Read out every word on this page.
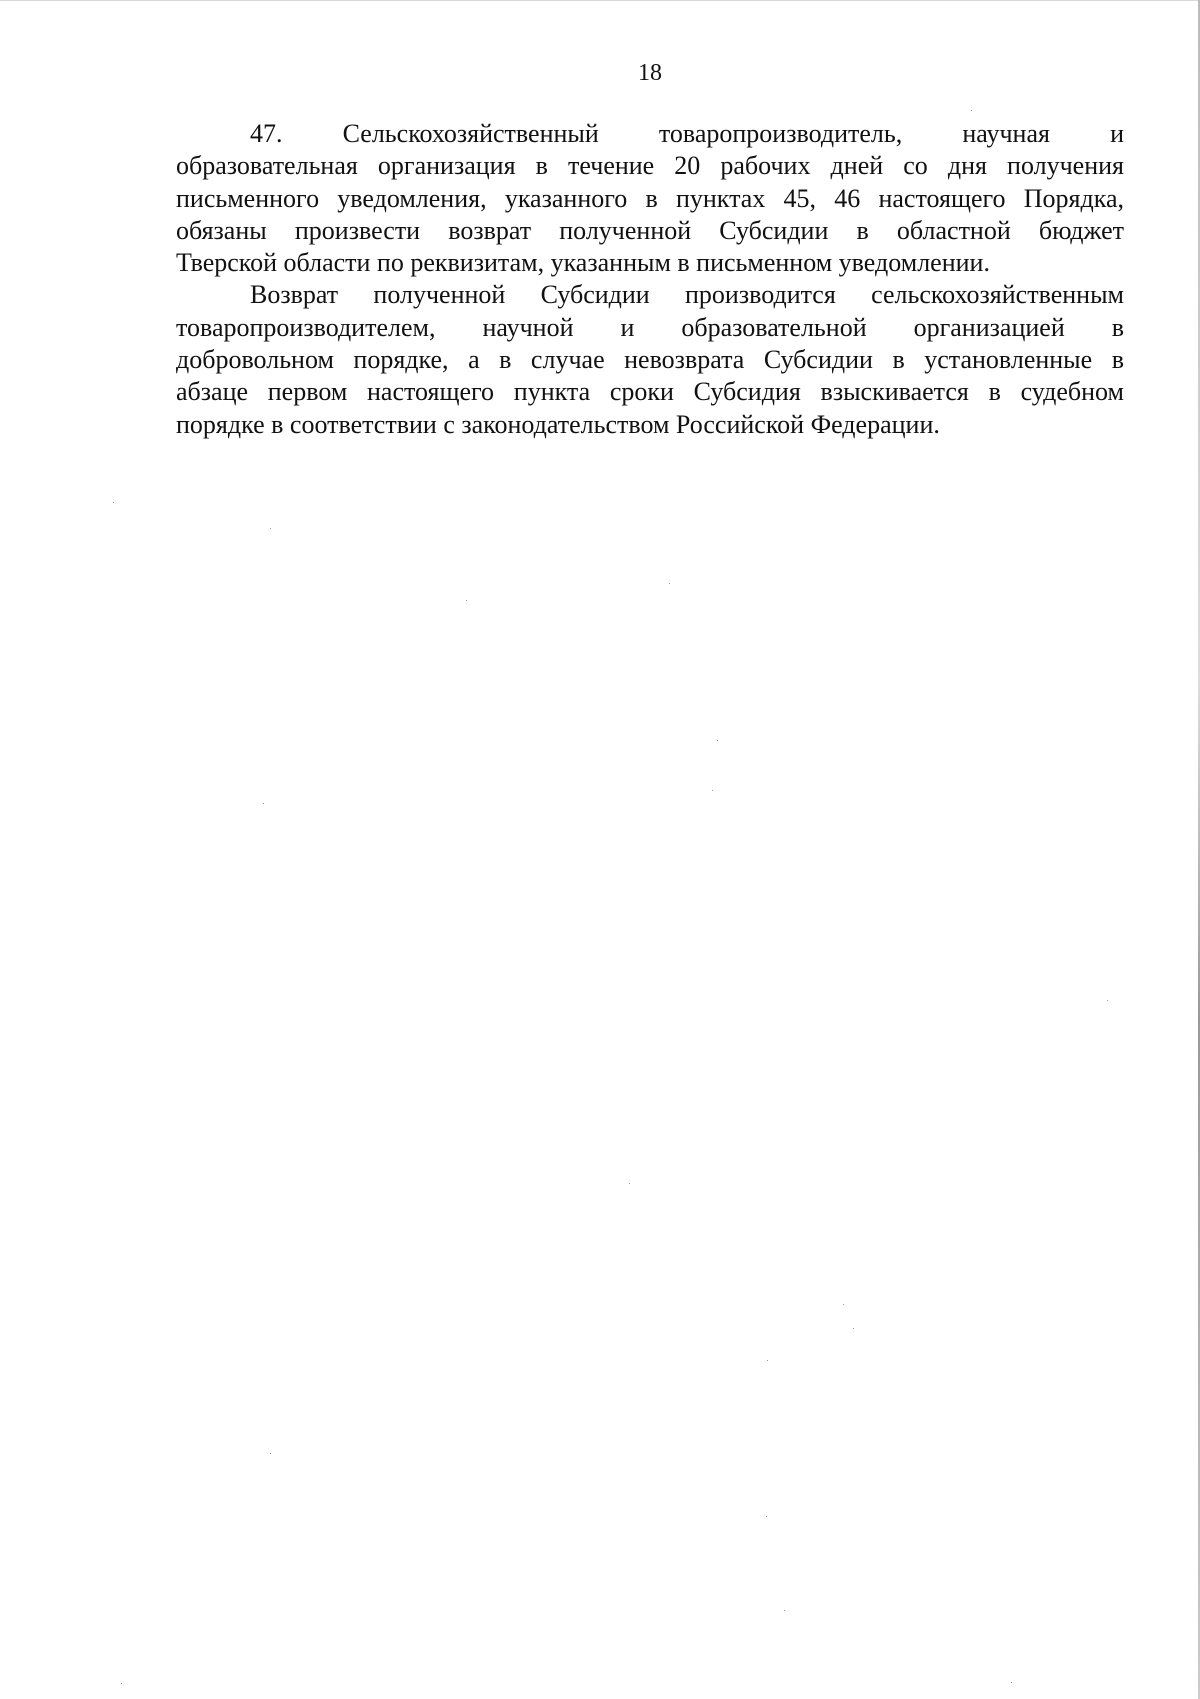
18

47. Сельскохозяйственный товаропроизводитель, научная и
образовательная организация в течение 20 рабочих дней со дня получения
письменного уведомления, указанного в пунктах 45, 46 настоящего Порядка,
обязаны произвести возврат полученной Субсидии в областной бюджет
Тверской области по реквизитам, указанным в письменном уведомлении.

Возврат полученной Субсидии производится сельскохозяйственным
товаропроизводителем, научной и образовательной организацией в
добровольном порядке, а в случае невозврата Субсидии в установленные в
абзаце первом настоящего пункта сроки Субсидия взыскивается в судебном
порядке в соответствии с законодательством Российской Федерации.
